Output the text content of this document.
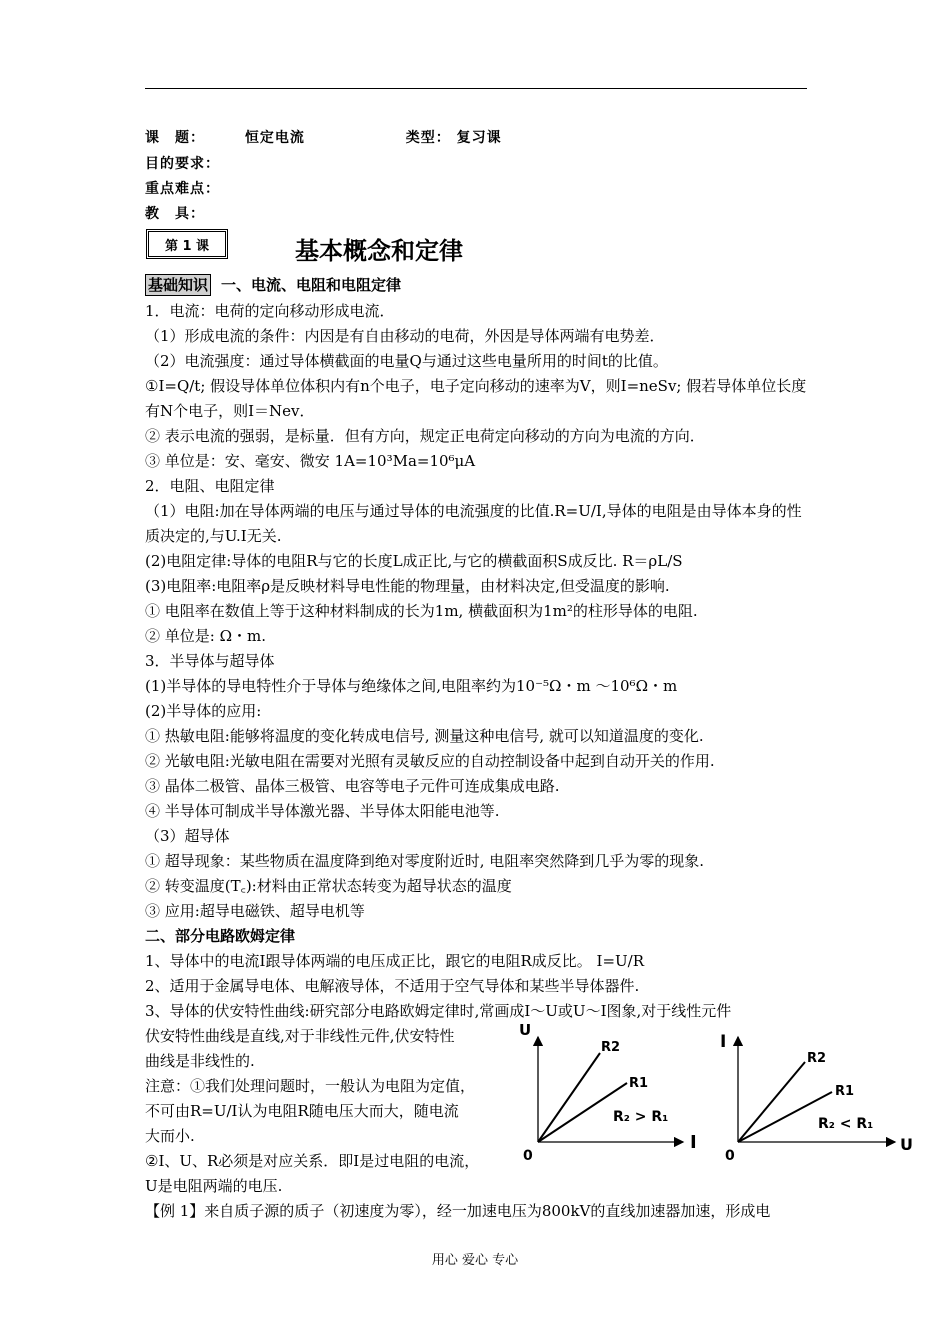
课　题：	恒定电流	类型： 复习课
目的要求：
重点难点：
教　具：
第 1 课	基本概念和定律
基础知识 一、电流、电阻和电阻定律
1．电流：电荷的定向移动形成电流．
（1）形成电流的条件：内因是有自由移动的电荷，外因是导体两端有电势差．
（2）电流强度：通过导体横截面的电量Q与通过这些电量所用的时间t的比值。
①I=Q/t; 假设导体单位体积内有n个电子，电子定向移动的速率为V，则I=neSv; 假若导体单位长度有N个电子，则I＝Nev．
② 表示电流的强弱，是标量．但有方向，规定正电荷定向移动的方向为电流的方向．
③ 单位是：安、毫安、微安 1A=10³Ma=10⁶μA
2．电阻、电阻定律
（1）电阻:加在导体两端的电压与通过导体的电流强度的比值.R=U/I,导体的电阻是由导体本身的性质决定的,与U.I无关.
(2)电阻定律:导体的电阻R与它的长度L成正比,与它的横截面积S成反比. R＝ρL/S
(3)电阻率:电阻率ρ是反映材料导电性能的物理量，由材料决定,但受温度的影响.
① 电阻率在数值上等于这种材料制成的长为1m, 横截面积为1m²的柱形导体的电阻.
② 单位是: Ω・m.
3．半导体与超导体
(1)半导体的导电特性介于导体与绝缘体之间,电阻率约为10⁻⁵Ω・m ～10⁶Ω・m
(2)半导体的应用:
① 热敏电阻:能够将温度的变化转成电信号, 测量这种电信号, 就可以知道温度的变化.
② 光敏电阻:光敏电阻在需要对光照有灵敏反应的自动控制设备中起到自动开关的作用.
③ 晶体二极管、晶体三极管、电容等电子元件可连成集成电路.
④ 半导体可制成半导体激光器、半导体太阳能电池等.
（3）超导体
① 超导现象：某些物质在温度降到绝对零度附近时, 电阻率突然降到几乎为零的现象.
② 转变温度(T꜀):材料由正常状态转变为超导状态的温度
③ 应用:超导电磁铁、超导电机等
二、部分电路欧姆定律
1、导体中的电流I跟导体两端的电压成正比，跟它的电阻R成反比。 I=U/R
2、适用于金属导电体、电解液导体，不适用于空气导体和某些半导体器件.
3、导体的伏安特性曲线:研究部分电路欧姆定律时,常画成I～U或U～I图象,对于线性元件
伏安特性曲线是直线,对于非线性元件,伏安特性
曲线是非线性的.
注意：①我们处理问题时，一般认为电阻为定值，
不可由R=U/I认为电阻R随电压大而大，随电流
大而小.
②I、U、R必须是对应关系．即I是过电阻的电流，
U是电阻两端的电压.
【例 1】来自质子源的质子（初速度为零），经一加速电压为800kV的直线加速器加速，形成电
U
I
0
R2
R1
R₂ > R₁
I
U
0
R2
R1
R₂ < R₁
用心 爱心 专心
